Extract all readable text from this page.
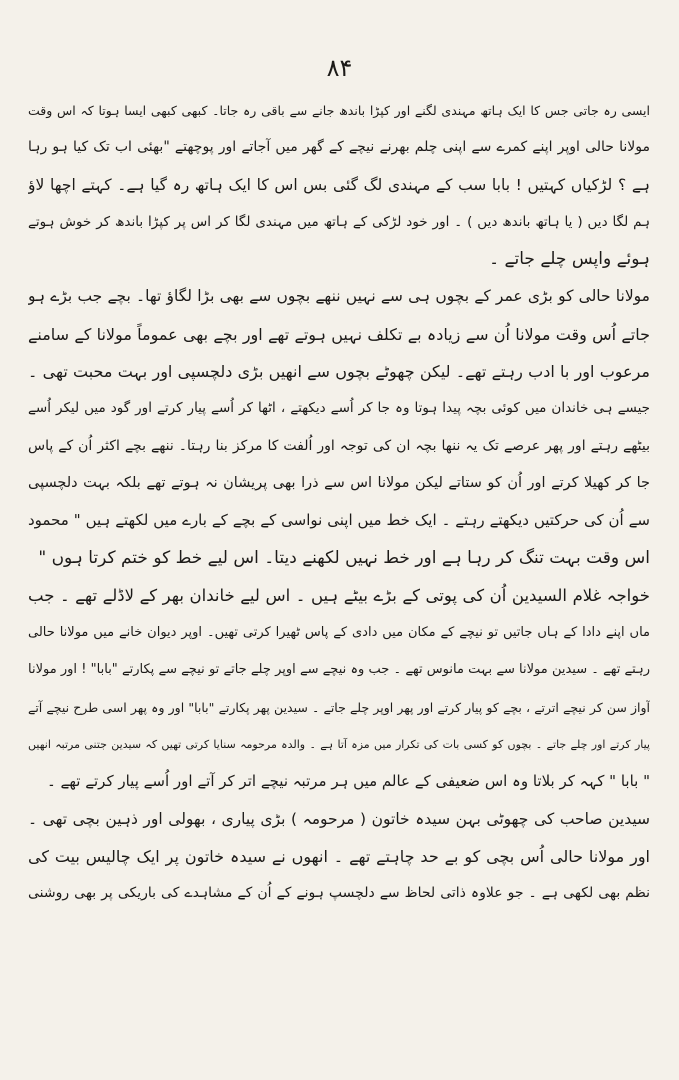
۸۴
ایسی رہ جاتی جس کا ایک ہاتھ مہندی لگنے اور کپڑا باندھ جانے سے باقی رہ جاتا۔ کبھی کبھی ایسا ہوتا کہ اس وقت
مولانا حالی اوپر اپنے کمرے سے اپنی چلم بھرنے نیچے کے گھر میں آجاتے اور پوچھتے "بھئی اب تک کیا ہو رہا
ہے ؟ لڑکیاں کہتیں ! بابا سب کے مہندی لگ گئی بس اس کا ایک ہاتھ رہ گیا ہے۔ کہتے اچھا لاؤ
ہم لگا دیں ( یا ہاتھ باندھ دیں ) ۔ اور خود لڑکی کے ہاتھ میں مہندی لگا کر اس پر کپڑا باندھ کر خوش ہوتے
ہوئے واپس چلے جاتے ۔
مولانا حالی کو بڑی عمر کے بچوں ہی سے نہیں ننھے بچوں سے بھی بڑا لگاؤ تھا۔ بچے جب بڑے ہو
جاتے اُس وقت مولانا اُن سے زیادہ بے تکلف نہیں ہوتے تھے اور بچے بھی عموماً مولانا کے سامنے
مرعوب اور با ادب رہتے تھے۔ لیکن چھوٹے بچوں سے انھیں بڑی دلچسپی اور بہت محبت تھی ۔
جیسے ہی خاندان میں کوئی بچہ پیدا ہوتا وہ جا کر اُسے دیکھتے ، اٹھا کر اُسے پیار کرتے اور گود میں لیکر اُسے
بیٹھے رہتے اور پھر عرصے تک یہ ننھا بچہ ان کی توجہ اور اُلفت کا مرکز بنا رہتا۔ ننھے بچے اکثر اُن کے پاس
جا کر کھیلا کرتے اور اُن کو ستاتے لیکن مولانا اس سے ذرا بھی پریشان نہ ہوتے تھے بلکہ بہت دلچسپی
سے اُن کی حرکتیں دیکھتے رہتے ۔ ایک خط میں اپنی نواسی کے بچے کے بارے میں لکھتے ہیں " محمود
اس وقت بہت تنگ کر رہا ہے اور خط نہیں لکھنے دیتا۔ اس لیے خط کو ختم کرتا ہوں "
خواجہ غلام السیدین اُن کی پوتی کے بڑے بیٹے ہیں ۔ اس لیے خاندان بھر کے لاڈلے تھے ۔ جب
ماں اپنے دادا کے ہاں جاتیں تو نیچے کے مکان میں دادی کے پاس ٹھیرا کرتی تھیں۔ اوپر دیوان خانے میں مولانا حالی
رہتے تھے ۔ سیدین مولانا سے بہت مانوس تھے ۔ جب وہ نیچے سے اوپر چلے جاتے تو نیچے سے پکارتے "بابا" ! اور مولانا
آواز سن کر نیچے اترتے ، بچے کو پیار کرتے اور پھر اوپر چلے جاتے ۔ سیدین پھر پکارتے "بابا" اور وہ پھر اسی طرح نیچے آتے
پیار کرتے اور چلے جاتے ۔ بچوں کو کسی بات کی تکرار میں مزہ آتا ہے ۔ والدہ مرحومہ سنایا کرتی تھیں کہ سیدین جتنی مرتبہ انھیں
" بابا " کہہ کر بلاتا وہ اس ضعیفی کے عالم میں ہر مرتبہ نیچے اتر کر آتے اور اُسے پیار کرتے تھے ۔
سیدین صاحب کی چھوٹی بہن سیدہ خاتون ( مرحومہ ) بڑی پیاری ، بھولی اور ذہین بچی تھی ۔
اور مولانا حالی اُس بچی کو بے حد چاہتے تھے ۔ انھوں نے سیدہ خاتون پر ایک چالیس بیت کی
نظم بھی لکھی ہے ۔ جو علاوہ ذاتی لحاظ سے دلچسپ ہونے کے اُن کے مشاہدے کی باریکی پر بھی روشنی
